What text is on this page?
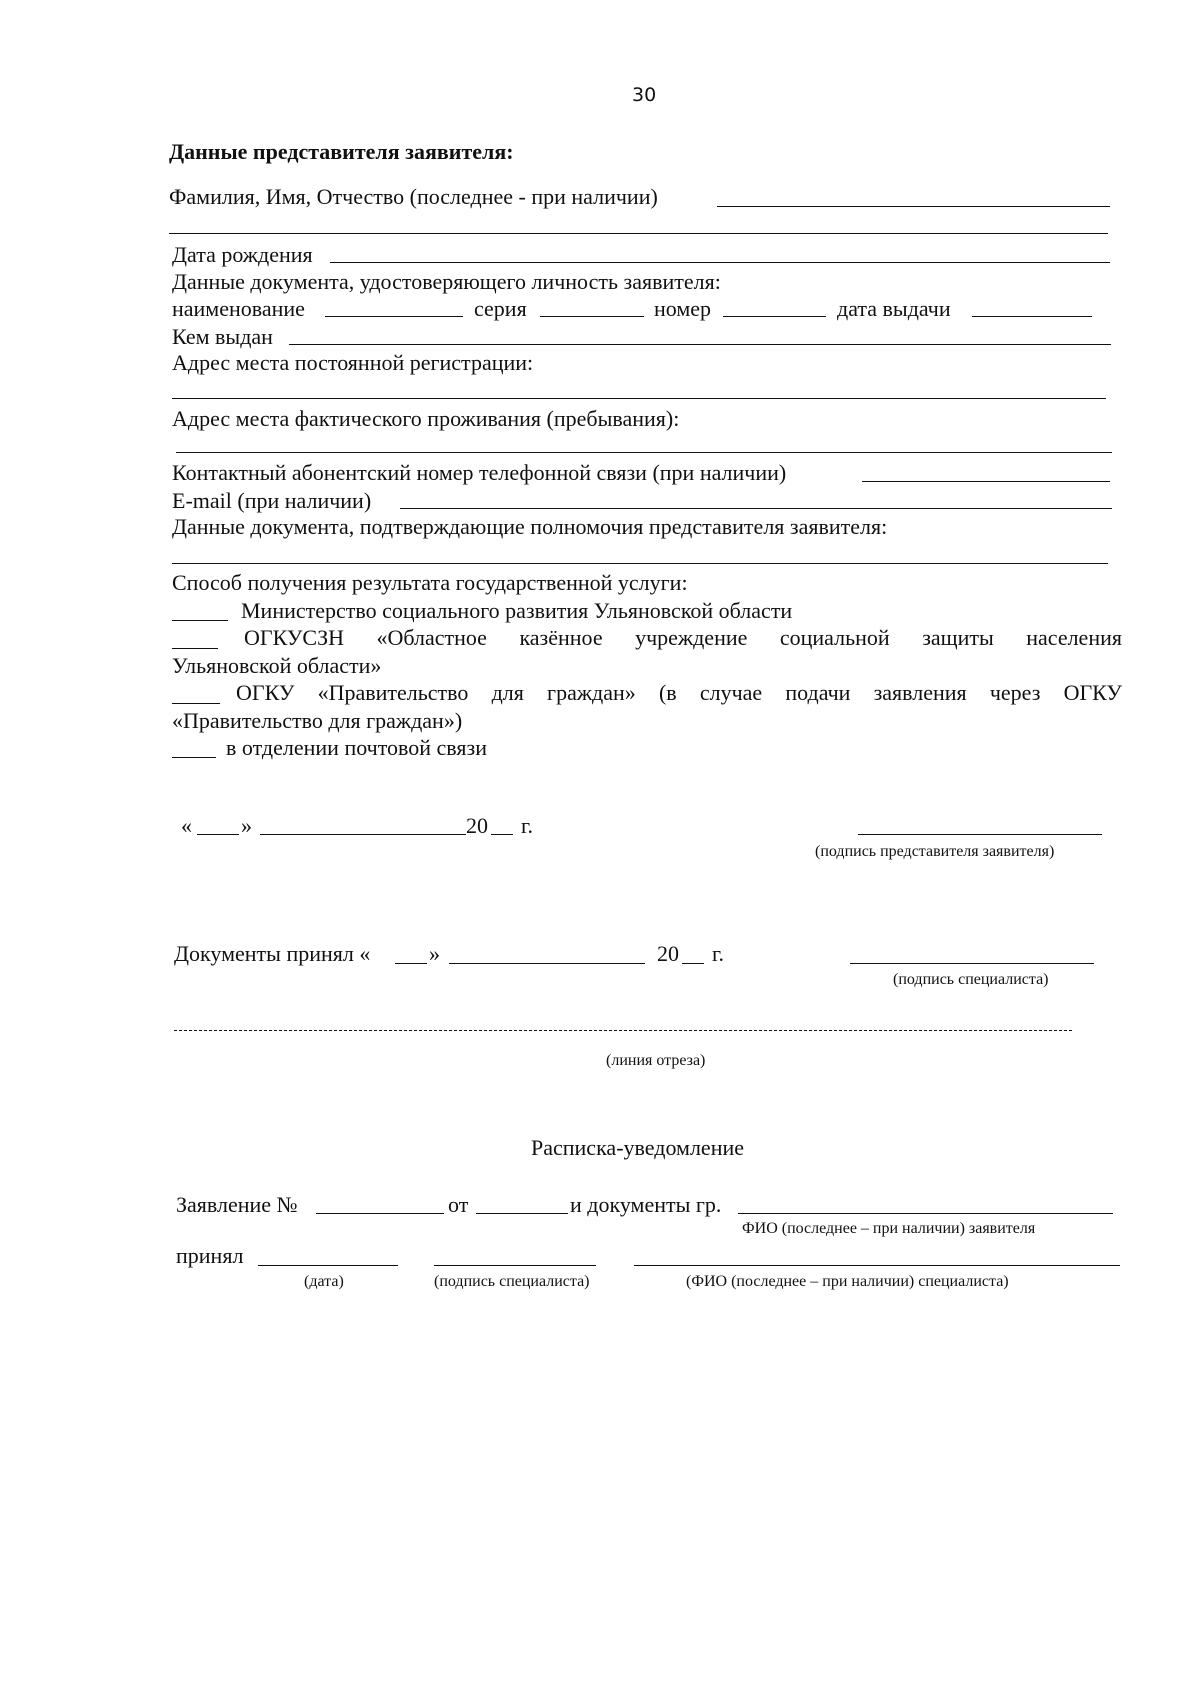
30
Данные представителя заявителя:
Фамилия, Имя, Отчество (последнее - при наличии)
Дата рождения
Данные документа, удостоверяющего личность заявителя:
наименование	серия	номер	дата выдачи
Кем выдан
Адрес места постоянной регистрации:
Адрес места фактического проживания (пребывания):
Контактный абонентский номер телефонной связи (при наличии)
E-mail (при наличии)
Данные документа, подтверждающие полномочия представителя заявителя:
Способ получения результата государственной услуги:
Министерство социального развития Ульяновской области
ОГКУСЗН «Областное казённое учреждение социальной защиты населения
Ульяновской области»
ОГКУ «Правительство для граждан» (в случае подачи заявления через ОГКУ
«Правительство для граждан»)
в отделении почтовой связи
« »	20 г.
(подпись представителя заявителя)
Документы принял «	»	20 г.
(подпись специалиста)
(линия отреза)
Расписка-уведомление
Заявление №	от	и документы гр.
ФИО (последнее – при наличии) заявителя
принял
(дата)	(подпись специалиста)	(ФИО (последнее – при наличии) специалиста)
